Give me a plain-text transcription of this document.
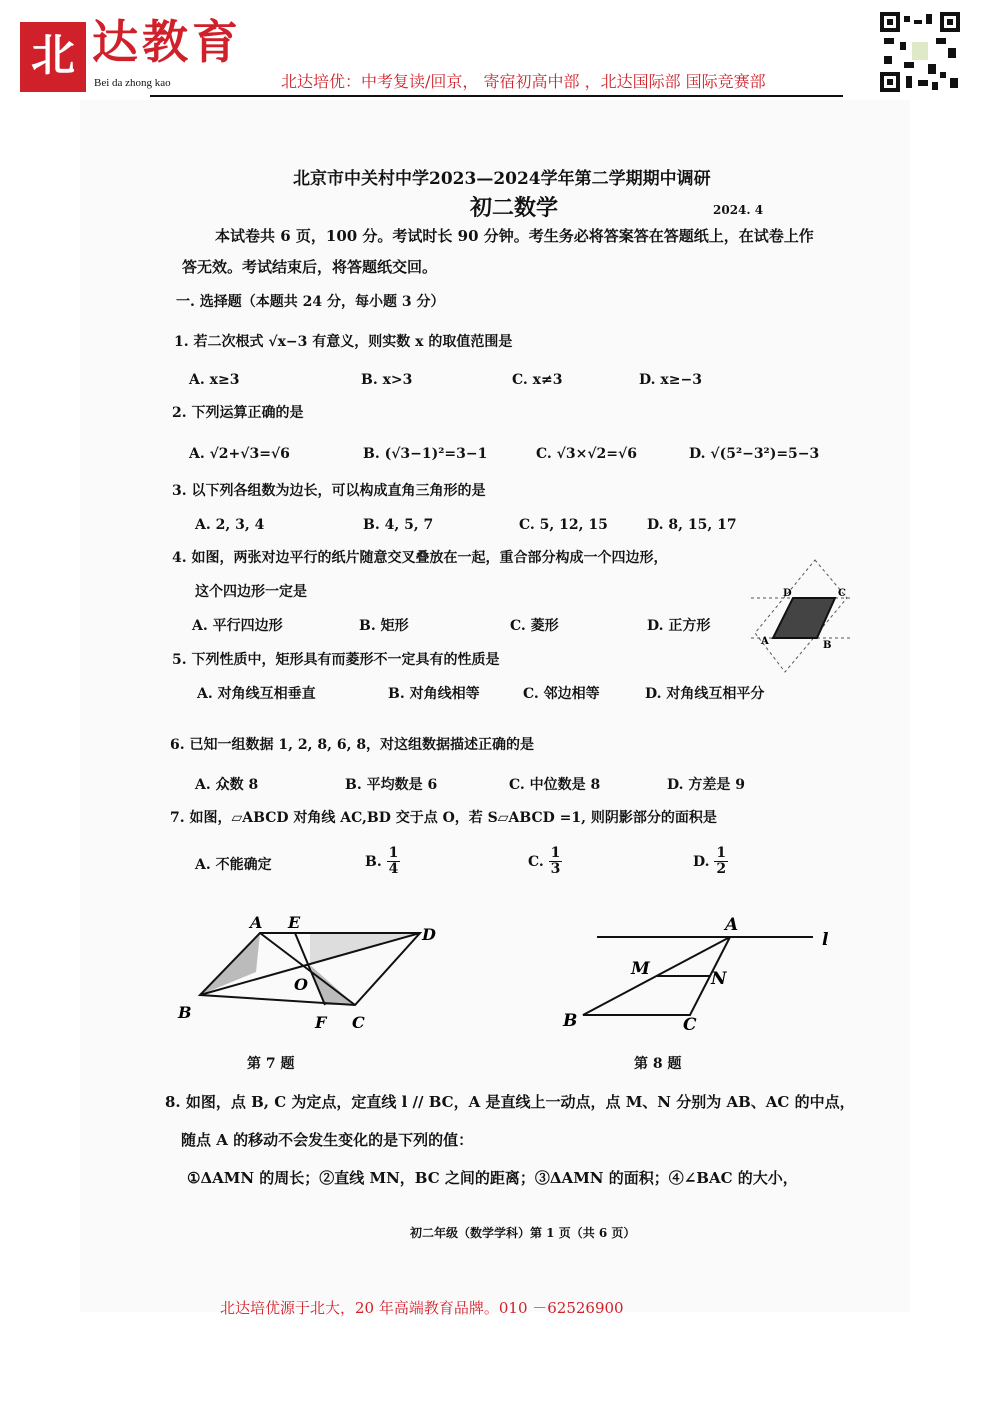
北 达教育
Bei da zhong kao	北达培优：中考复读/回京， 寄宿初高中部 ，北达国际部 国际竞赛部
北京市中关村中学2023—2024学年第二学期期中调研
初二数学	2024. 4
本试卷共 6 页，100 分。考试时长 90 分钟。考生务必将答案答在答题纸上，在试卷上作
答无效。考试结束后，将答题纸交回。
一. 选择题（本题共 24 分，每小题 3 分）
1. 若二次根式 √x−3 有意义，则实数 x 的取值范围是
A. x≥3	B. x>3	C. x≠3	D. x≥−3
2. 下列运算正确的是
A. √2+√3=√6	B. (√3−1)²=3−1	C. √3×√2=√6	D. √(5²−3²)=5−3
3. 以下列各组数为边长，可以构成直角三角形的是
A. 2, 3, 4	B. 4, 5, 7	C. 5, 12, 15	D. 8, 15, 17
4. 如图，两张对边平行的纸片随意交叉叠放在一起，重合部分构成一个四边形，
这个四边形一定是
A. 平行四边形	B. 矩形	C. 菱形	D. 正方形
D	C
A	B
5. 下列性质中，矩形具有而菱形不一定具有的性质是
A. 对角线互相垂直	B. 对角线相等	C. 邻边相等	D. 对角线互相平分
6. 已知一组数据 1, 2, 8, 6, 8，对这组数据描述正确的是
A. 众数 8	B. 平均数是 6	C. 中位数是 8	D. 方差是 9
7. 如图，▱ABCD 对角线 AC,BD 交于点 O，若 S▱ABCD =1, 则阴影部分的面积是
A. 不能确定	B. $\frac{1}{4}$	C. $\frac{1}{3}$	D. $\frac{1}{2}$
A E
D
B
O
F C
第 7 题
A
l
M	N
B	C
第 8 题
8. 如图，点 B, C 为定点，定直线 l // BC，A 是直线上一动点，点 M、N 分别为 AB、AC 的中点，
随点 A 的移动不会发生变化的是下列的值：
①ΔAMN 的周长；②直线 MN，BC 之间的距离；③ΔAMN 的面积；④∠BAC 的大小，
初二年级（数学学科）第 1 页（共 6 页）
北达培优源于北大，20 年高端教育品牌。010 －62526900
